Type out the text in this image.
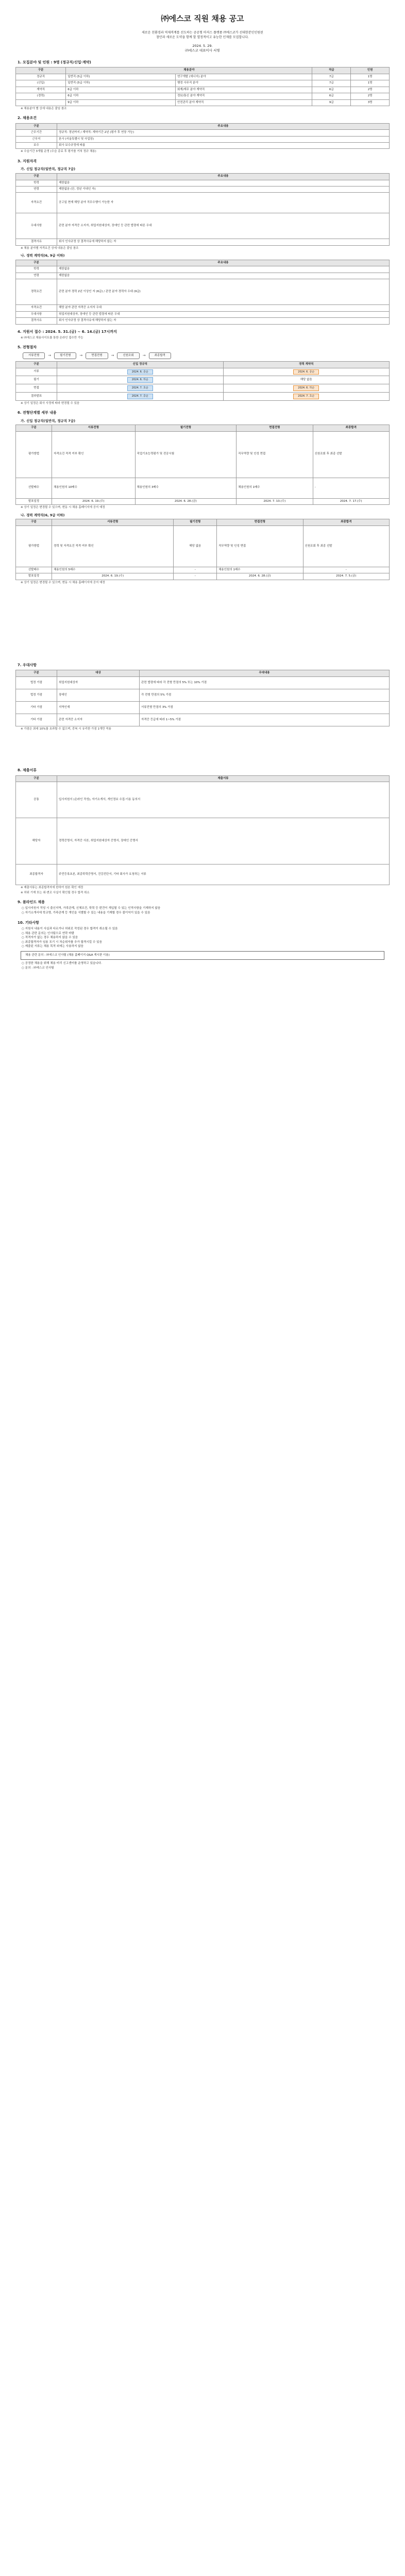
㈜에스코 직원 채용 공고

새로운 친환경과 역제격계를 선도하는 공공형 마저스 플랫폼 ㈜에스코가 선대한분인인원된

참안과 새로운 도약을 함께 할 열정적이고 유능한 인재를 모집합니다.

2024. 5. 29.
㈜에스코 대표이사 서명
1. 모집분야 및 인원 : 9명 (정규직/신입·계약)
구분	채용분야		직급	인원
정규직	일반직 (5급 이하)	연구개발 (에너지) 분야	7급	1명
(신입)	일반직 (5급 이하)	행정 사무직 분야	7급	1명
계약직	6급 이하	회계/재무 분야 계약직	6급	2명
(경력)	6급 이하	정보/통신 분야 계약직	6급	2명
	9급 이하	안전관리 분야 계약직	9급	3명
※ 채용분야 별 상세 내용은 붙임 참조
2. 채용조건
구분	주요내용
근무기간	정규직: 정년까지 / 계약직: 계약기간 2년 (평가 후 연장 가능)
근무지	본사 (서울특별시 및 사업장)
보수	회사 보수규정에 따름
※ 수습기간 3개월 운영 (수습 종료 후 평가를 거쳐 정규 채용)
3. 지원자격
가. 신입 정규직(일반직, 정규직 7급)
구분	주요내용
학력	제한없음
연령	제한없음 (단, 정년 이내인 자)
자격요건	공고일 현재 해당 분야 직무수행이 가능한 자
우대사항	관련 분야 자격증 소지자, 취업지원대상자, 장애인 등 관련 법령에 따른 우대
결격사유	회사 인사규정 상 결격사유에 해당하지 않는 자
※ 채용 분야별 자격요건 상세 내용은 붙임 참조
나. 경력 계약직(6, 9급 이하)
구분	주요내용
학력	제한없음
연령	제한없음
경력요건	관련 분야 경력 2년 이상인 자 (6급) / 관련 분야 경력자 우대 (9급)
자격요건	해당 분야 관련 자격증 소지자 우대
우대사항	취업지원대상자, 장애인 등 관련 법령에 따른 우대
결격사유	회사 인사규정 상 결격사유에 해당하지 않는 자
4. 지원서 접수 : 2024. 5. 31.(금) ~ 6. 14.(금) 17시까지
※ ㈜에스코 채용사이트를 통한 온라인 접수만 가능
5. 전형절차
서류전형	→	필기전형	→	면접전형	→	신원조회	→	최종합격
구분	신입 정규직	경력 계약직
서류	2024. 6. 중순	2024. 6. 중순
필기	2024. 6. 하순	해당 없음
면접	2024. 7. 초순	2024. 6. 하순
결과발표	2024. 7. 중순	2024. 7. 초순
※ 상기 일정은 회사 사정에 따라 변경될 수 있음
6. 전형단계별 세부 내용
가. 신입 정규직(일반직, 정규직 7급)
구분	서류전형	필기전형	면접전형	최종합격
평가방법	자격요건 적격 여부 확인	직업기초능력평가 및 전공시험	직무역량 및 인성 면접	신원조회 후 최종 선발
선발배수	채용인원의 10배수	채용인원의 3배수	채용인원의 1배수	-
발표일정	2024. 6. 19.(수)	2024. 6. 28.(금)	2024. 7. 10.(수)	2024. 7. 17.(수)
※ 상기 일정은 변경될 수 있으며, 변동 시 채용 홈페이지에 공지 예정
나. 경력 계약직(6, 9급 이하)
구분	서류전형	필기전형	면접전형	최종합격
평가방법	경력 및 자격요건 적격 여부 확인	해당 없음	직무역량 및 인성 면접	신원조회 후 최종 선발
선발배수	채용인원의 5배수	-	채용인원의 1배수	-
발표일정	2024. 6. 19.(수)	-	2024. 6. 28.(금)	2024. 7. 5.(금)
※ 상기 일정은 변경될 수 있으며, 변동 시 채용 홈페이지에 공지 예정
7. 우대사항
구분	대상	우대내용
법정 가점	취업지원대상자	관련 법령에 따라 각 전형 만점의 5% 또는 10% 가점
법정 가점	장애인	각 전형 만점의 5% 가점
기타 가점	지역인재	서류전형 만점의 3% 가점
기타 가점	관련 자격증 소지자	자격증 등급에 따라 1~5% 가점
※ 가점은 최대 10%를 초과할 수 없으며, 중복 시 유리한 가점 1개만 적용
8. 제출서류
구분	제출서류
공통	입사지원서 (온라인 작성), 자기소개서, 개인정보 수집·이용 동의서
해당자	경력증명서, 자격증 사본, 취업지원대상자 증명서, 장애인 증명서
최종합격자	주민등록초본, 최종학력증명서, 건강진단서, 기타 회사가 요청하는 서류
※ 제출서류는 최종합격자에 한하여 원본 확인 예정
※ 허위 기재 또는 위·변조 사실이 확인될 경우 합격 취소
9. 블라인드 채용
○ 입사지원서 작성 시 출신지역, 가족관계, 신체조건, 학력 등 편견이 개입될 수 있는 인적사항을 기재하지 않음
○ 자기소개서에 학교명, 가족관계 등 개인을 식별할 수 있는 내용을 기재할 경우 불이익이 있을 수 있음
10. 기타사항
○ 지원서 내용이 사실과 다르거나 허위로 작성된 경우 합격이 취소될 수 있음
○ 채용 관련 문의는 인사팀으로 연락 바람
○ 적격자가 없는 경우 채용하지 않을 수 있음
○ 최종합격자가 임용 포기 시 차순위자를 추가 합격시킬 수 있음
○ 제출된 서류는 채용 목적 외에는 사용하지 않음
채용 관련 문의 : ㈜에스코 인사팀 (채용 홈페이지 Q&A 게시판 이용)
○ 공정한 채용을 위해 채용 비리 신고센터를 운영하고 있습니다.
○ 문의 : ㈜에스코 인사팀
